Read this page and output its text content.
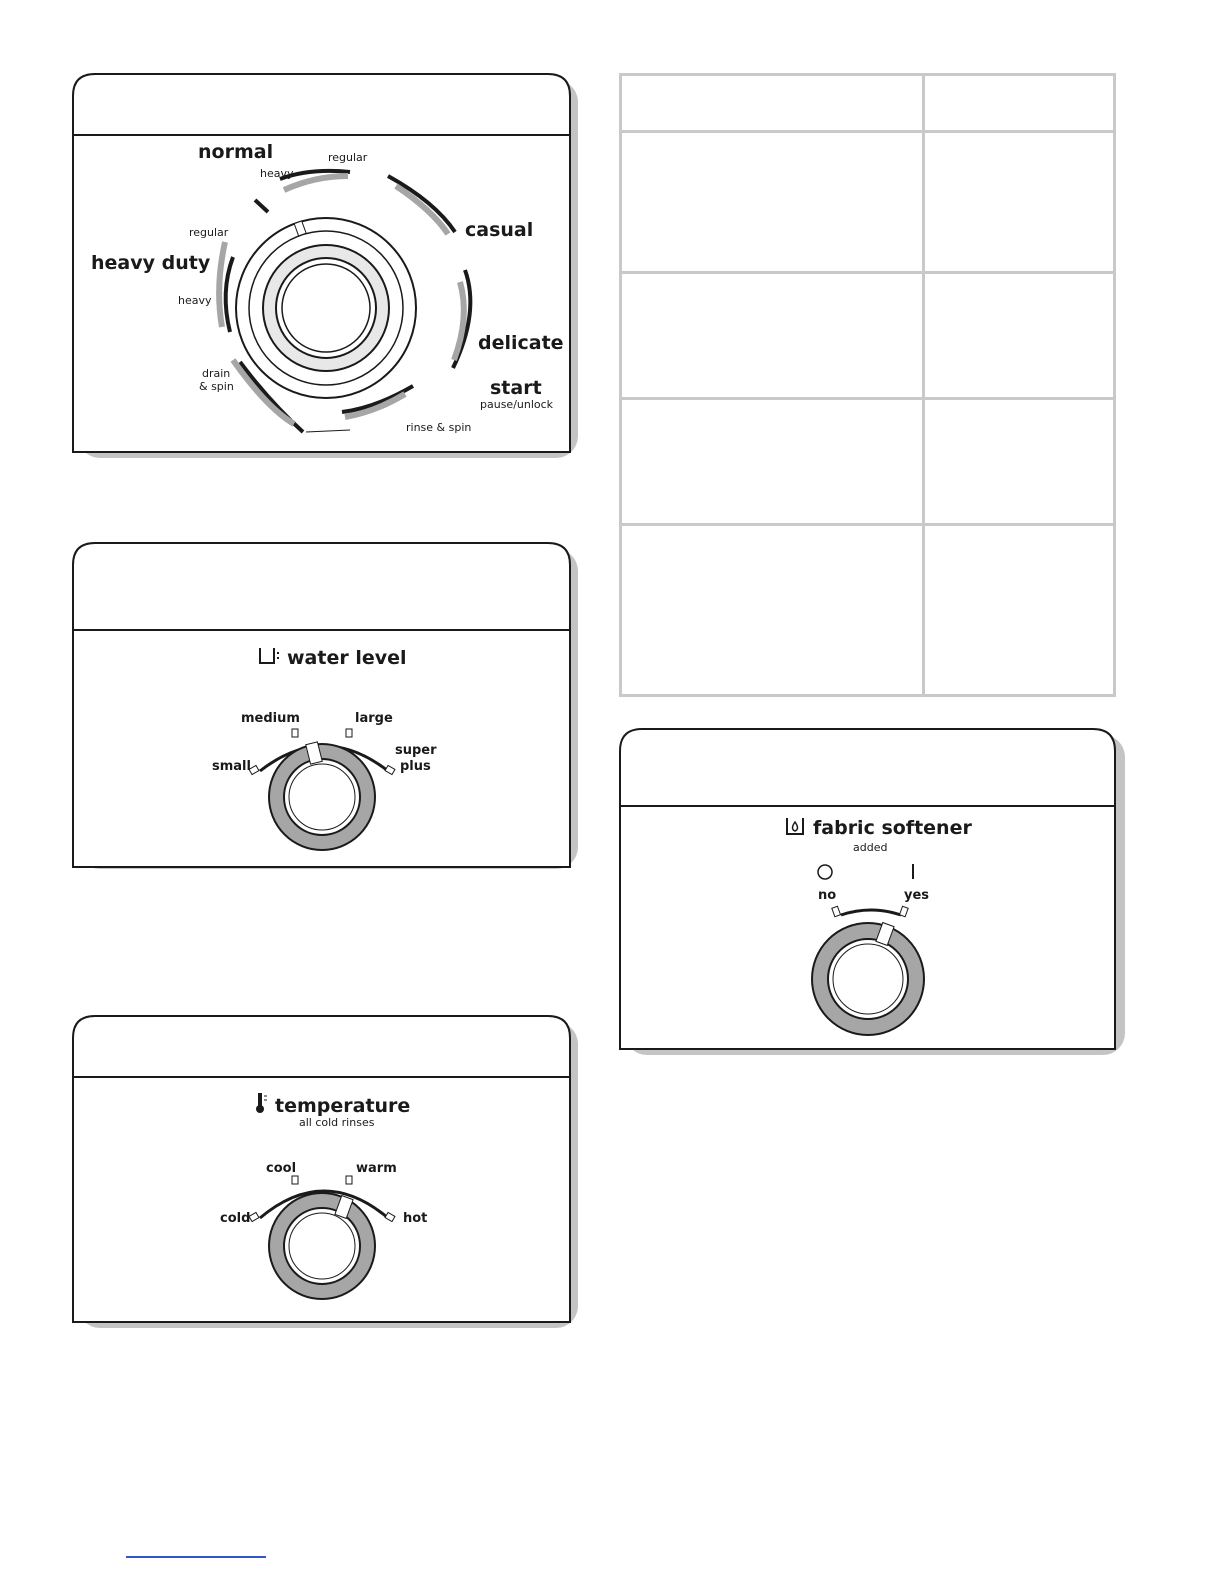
normal
heavy
regular
casual
heavy duty
regular
heavy
delicate
start
pause/unlock
drain
& spin
rinse & spin
water level
small
medium	large
super
plus
temperature
all cold rinses
cold
cool	warm
hot
fabric softener
added
no	yes
